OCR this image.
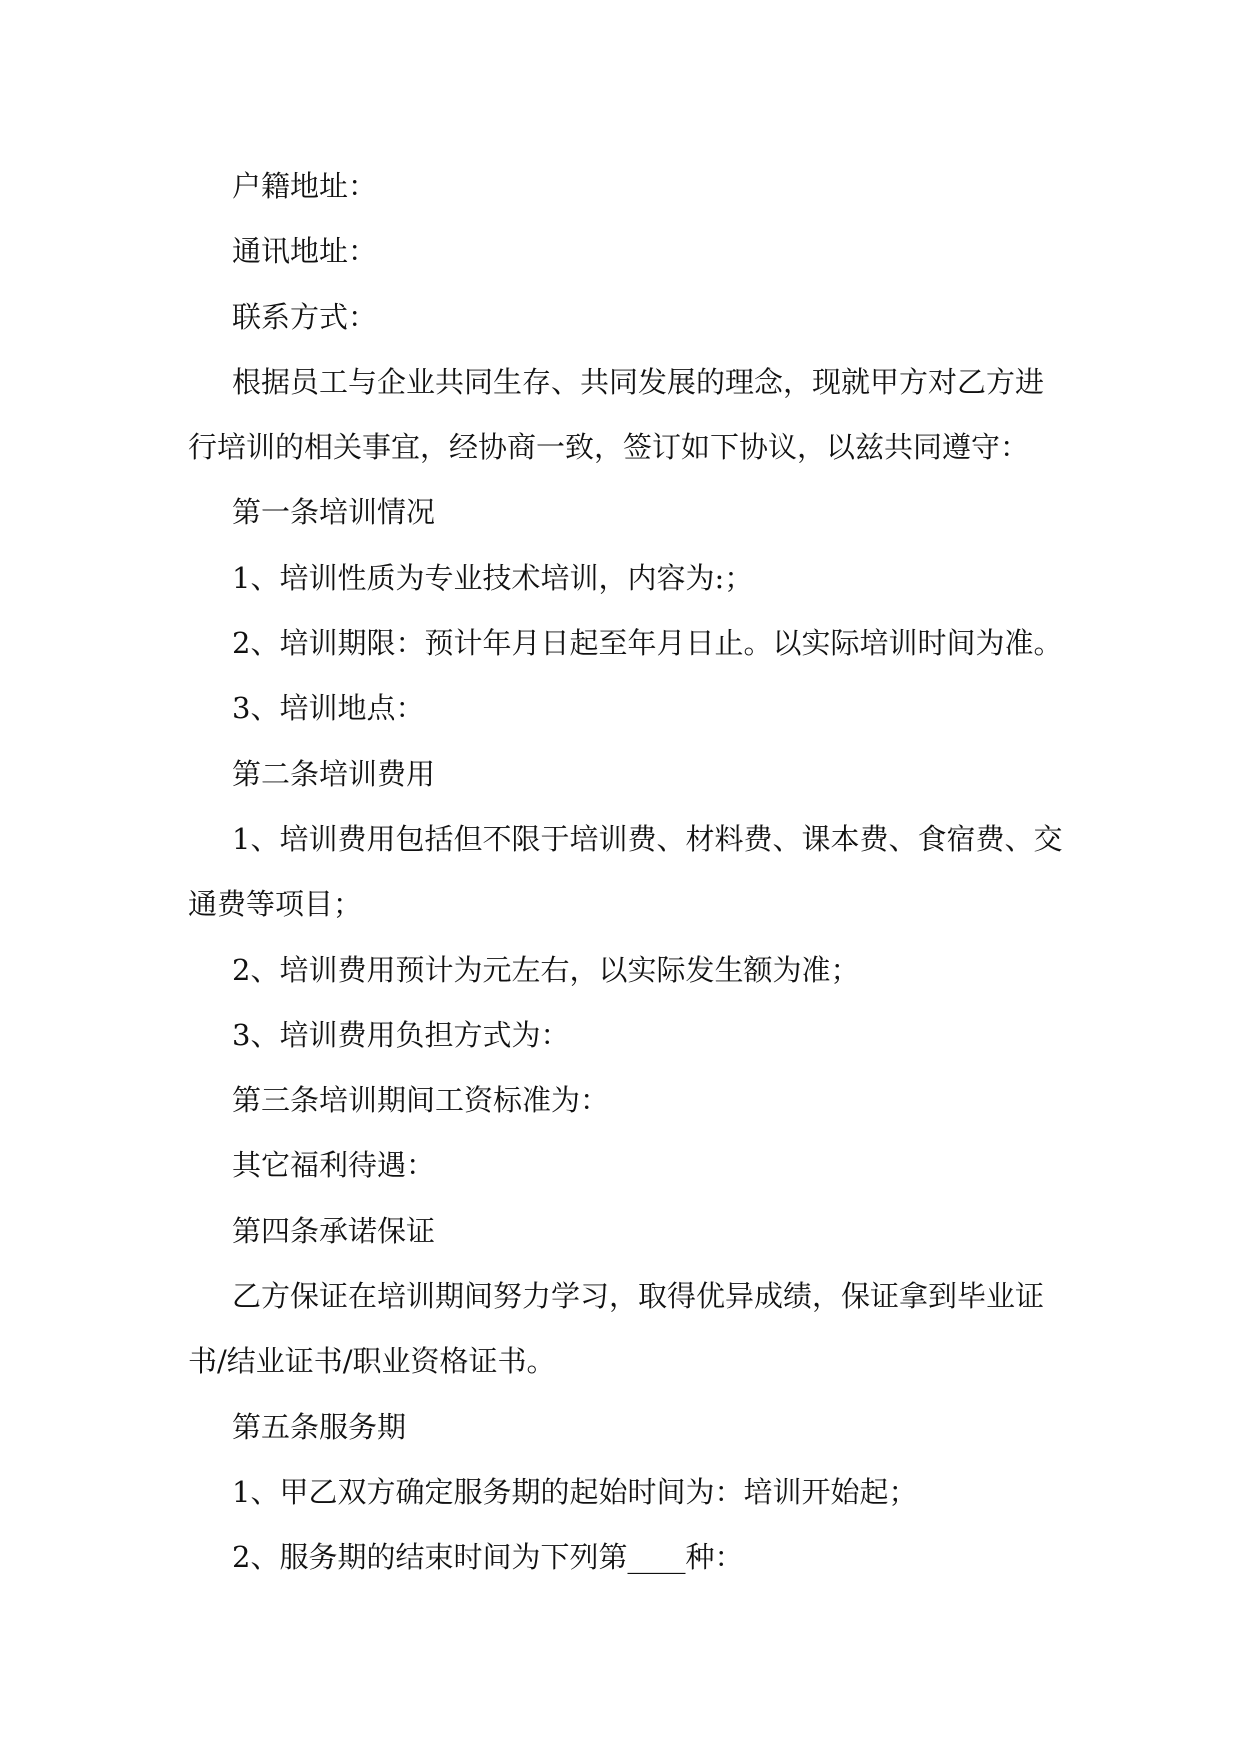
户籍地址：

通讯地址：

联系方式：

根据员工与企业共同生存、共同发展的理念，现就甲方对乙方进

行培训的相关事宜，经协商一致，签订如下协议，以兹共同遵守：

第一条培训情况

1、培训性质为专业技术培训，内容为:；

2、培训期限：预计年月日起至年月日止。以实际培训时间为准。

3、培训地点：

第二条培训费用

1、培训费用包括但不限于培训费、材料费、课本费、食宿费、交

通费等项目；

2、培训费用预计为元左右，以实际发生额为准；

3、培训费用负担方式为：

第三条培训期间工资标准为：

其它福利待遇：

第四条承诺保证

乙方保证在培训期间努力学习，取得优异成绩，保证拿到毕业证

书/结业证书/职业资格证书。

第五条服务期

1、甲乙双方确定服务期的起始时间为：培训开始起；

2、服务期的结束时间为下列第____种：
